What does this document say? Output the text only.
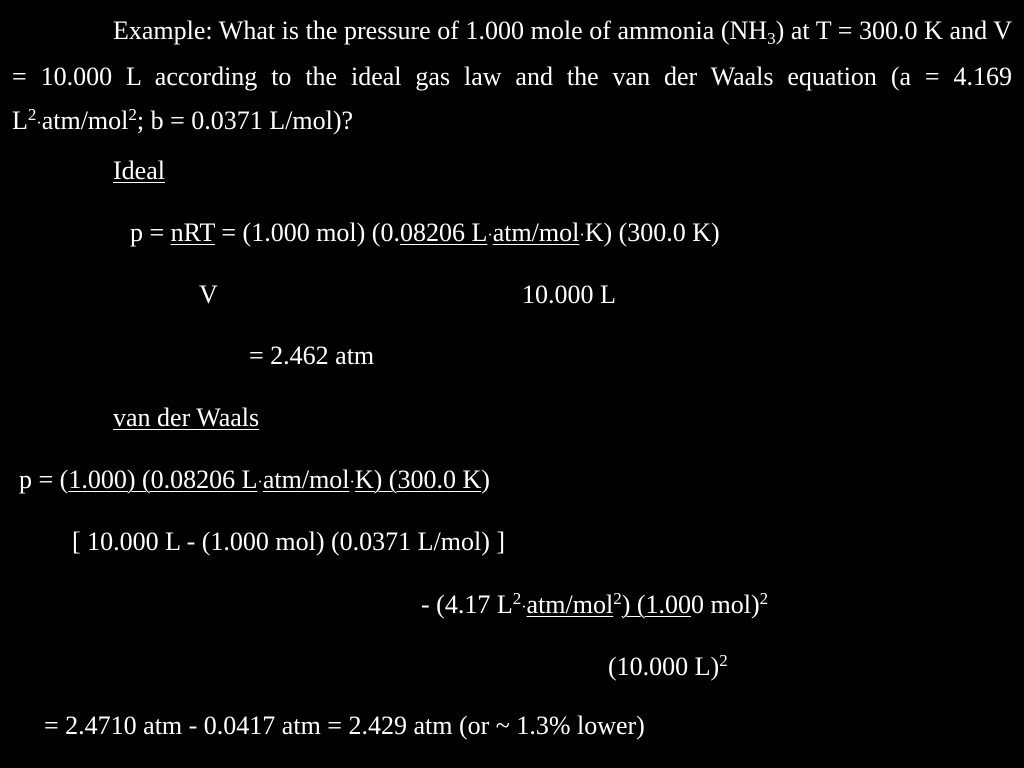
Example: What is the pressure of 1.000 mole of ammonia $(NH_3)$ at T = 300.0 K and V = 10.000 L according to the ideal gas law and the van der Waals equation (a = 4.169 $L^2\cdot atm/mol^2$; b = 0.0371 L/mol)?
Ideal
p = nRT = (1.000 mol) (0.08206 L·atm/mol·K) (300.0 K)
V	10.000 L
= 2.462 atm
van der Waals
p = (1.000) (0.08206 L·atm/mol·K) (300.0 K)
[ 10.000 L - (1.000 mol) (0.0371 L/mol) ]
- (4.17 $L^2\cdot atm/mol^2$) (1.000 mol)$^2$
(10.000 L)$^2$
= 2.4710 atm - 0.0417 atm = 2.429 atm (or ~ 1.3% lower)
